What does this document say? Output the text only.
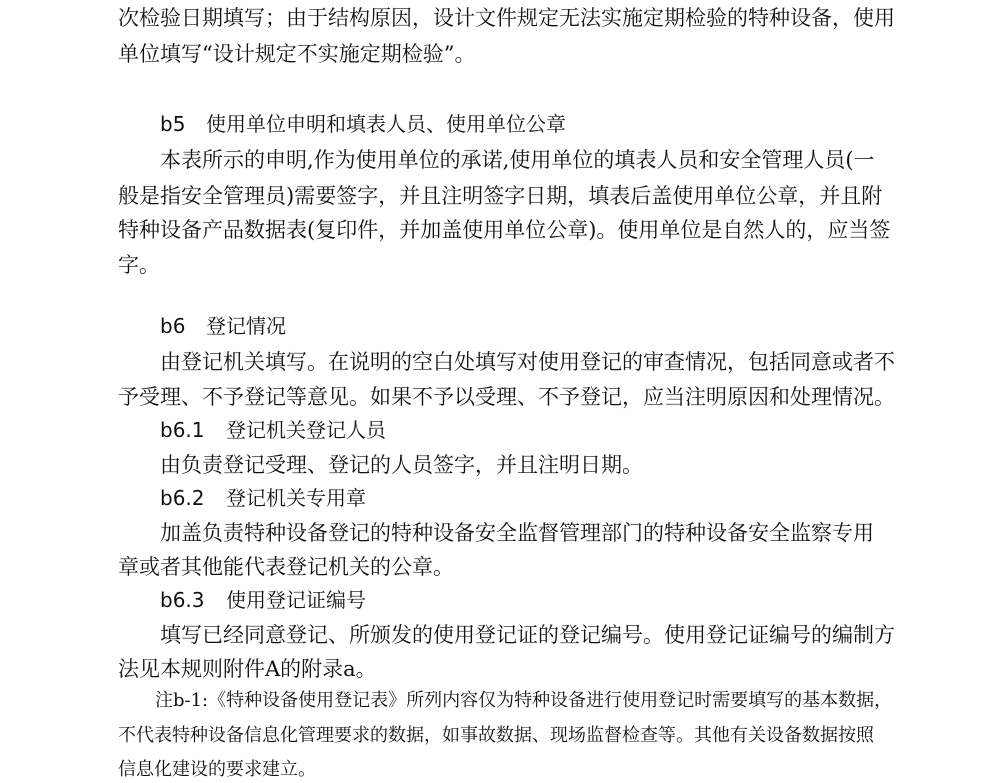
次检验日期填写；由于结构原因，设计文件规定无法实施定期检验的特种设备，使用
单位填写“设计规定不实施定期检验”。
b5 使用单位申明和填表人员、使用单位公章
本表所示的申明,作为使用单位的承诺,使用单位的填表人员和安全管理人员(一
般是指安全管理员)需要签字，并且注明签字日期，填表后盖使用单位公章，并且附
特种设备产品数据表(复印件，并加盖使用单位公章)。使用单位是自然人的，应当签
字。
b6 登记情况
由登记机关填写。在说明的空白处填写对使用登记的审查情况，包括同意或者不
予受理、不予登记等意见。如果不予以受理、不予登记，应当注明原因和处理情况。
b6.1 登记机关登记人员
由负责登记受理、登记的人员签字，并且注明日期。
b6.2 登记机关专用章
加盖负责特种设备登记的特种设备安全监督管理部门的特种设备安全监察专用
章或者其他能代表登记机关的公章。
b6.3 使用登记证编号
填写已经同意登记、所颁发的使用登记证的登记编号。使用登记证编号的编制方
法见本规则附件A的附录a。
注b-1:《特种设备使用登记表》所列内容仅为特种设备进行使用登记时需要填写的基本数据，
不代表特种设备信息化管理要求的数据，如事故数据、现场监督检查等。其他有关设备数据按照
信息化建设的要求建立。
